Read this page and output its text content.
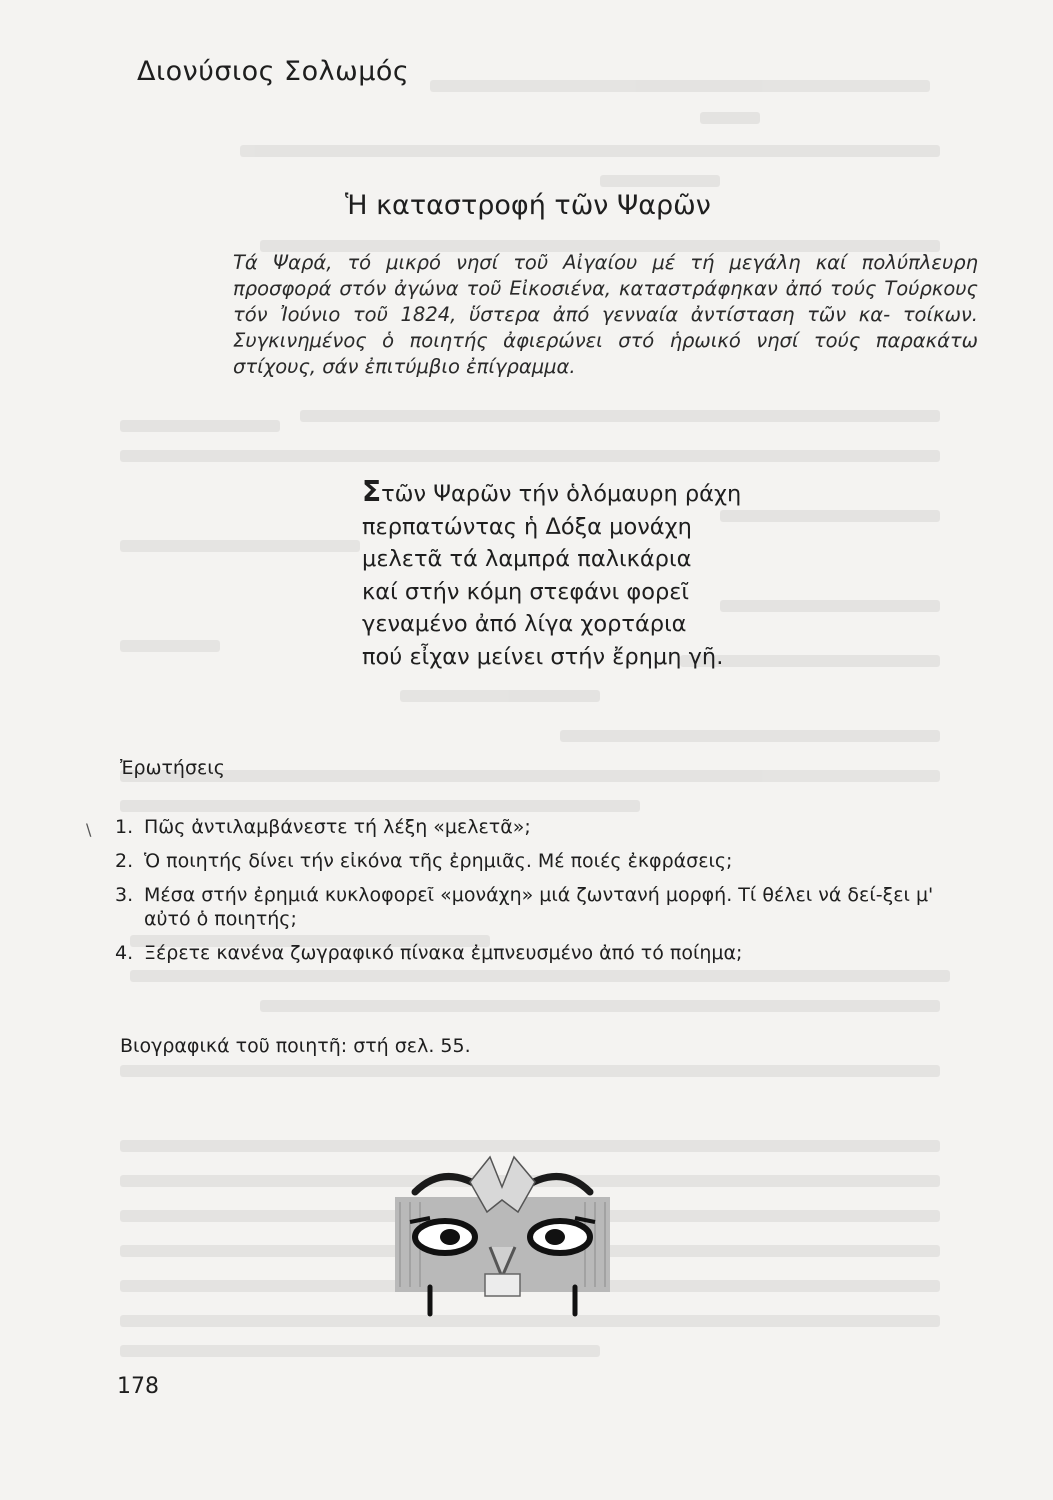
Διονύσιος Σολωμός
Ἡ καταστροφή τῶν Ψαρῶν
Τά Ψαρά, τό μικρό νησί τοῦ Αἰγαίου μέ τή μεγάλη καί πολύπλευρη προσφορά στόν ἀγώνα τοῦ Εἰκοσιένα, καταστράφηκαν ἀπό τούς Τούρκους τόν Ἰούνιο τοῦ 1824, ὕστερα ἀπό γενναία ἀντίσταση τῶν κα- τοίκων. Συγκινημένος ὁ ποιητής ἀφιερώνει στό ἡρωικό νησί τούς παρακάτω στίχους, σάν ἐπιτύμβιο ἐπίγραμμα.
Στῶν Ψαρῶν τήν ὁλόμαυρη ράχη
περπατώντας ἡ Δόξα μονάχη
μελετᾶ τά λαμπρά παλικάρια
καί στήν κόμη στεφάνι φορεῖ
γεναμένο ἀπό λίγα χορτάρια
πού εἶχαν μείνει στήν ἔρημη γῆ.
Ἐρωτήσεις
\ 1. Πῶς ἀντιλαμβάνεστε τή λέξη «μελετᾶ»;
2. Ὁ ποιητής δίνει τήν εἰκόνα τῆς ἐρημιᾶς. Μέ ποιές ἐκφράσεις;
3. Μέσα στήν ἐρημιά κυκλοφορεῖ «μονάχη» μιά ζωντανή μορφή. Τί θέλει νά δεί-ξει μ' αὐτό ὁ ποιητής;
4. Ξέρετε κανένα ζωγραφικό πίνακα ἐμπνευσμένο ἀπό τό ποίημα;
Βιογραφικά τοῦ ποιητῆ: στή σελ. 55.
178
